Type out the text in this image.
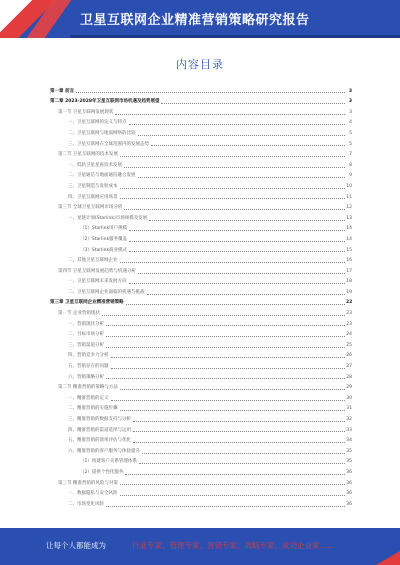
卫星互联网企业精准营销策略研究报告
内容目录
第一章 前言	3
第二章 2023-2028年卫星互联网市场机遇及趋势展望	3
第一节 卫星互联网发展现状	3
一、卫星互联网的定义与特点	4
二、卫星互联网与地面网络的比较	5
三、卫星互联网在全球范围内的发展态势	5
第二节 卫星互联网的技术发展	7
一、低轨卫星星座技术发展	8
二、卫星通信与地面通信融合发展	9
三、卫星制造与发射成本	10
四、卫星互联网应用场景	11
第三节 全球卫星互联网市场分析	12
一、星链计划(Starlink)市场规模及发展	13
（1）Starlink用户规模	14
（2）Starlink服务覆盖	14
（3）Starlink商业模式	15
二、其他卫星互联网企业	16
第四节 卫星互联网发展趋势与机遇分析	17
一、卫星互联网未来发展方向	18
二、卫星互联网企业面临的机遇与挑战	19
第三章 卫星互联网企业精准营销策略	22
第一节 企业营销现状	23
一、营销现状分析	23
二、目标市场分析	24
三、营销渠道分析	25
四、营销竞争力分析	26
五、营销存在的问题	27
六、营销策略分析	28
第二节 精准营销的策略与方法	29
一、精准营销的定义	30
二、精准营销的实施步骤	31
三、精准营销的数据支持与分析	32
四、精准营销的渠道选择与运用	33
五、精准营销的效果评估与优化	34
六、精准营销的客户服务与体验提升	35
（1）构建客户关系管理体系	35
（2）提供个性化服务	36
第三节 精准营销的风险与对策	36
一、数据隐私与安全风险	36
二、市场变化风险	36
让每个人都能成为	行业专家、管理专家、营销专家、战略专家、成功企业家……
